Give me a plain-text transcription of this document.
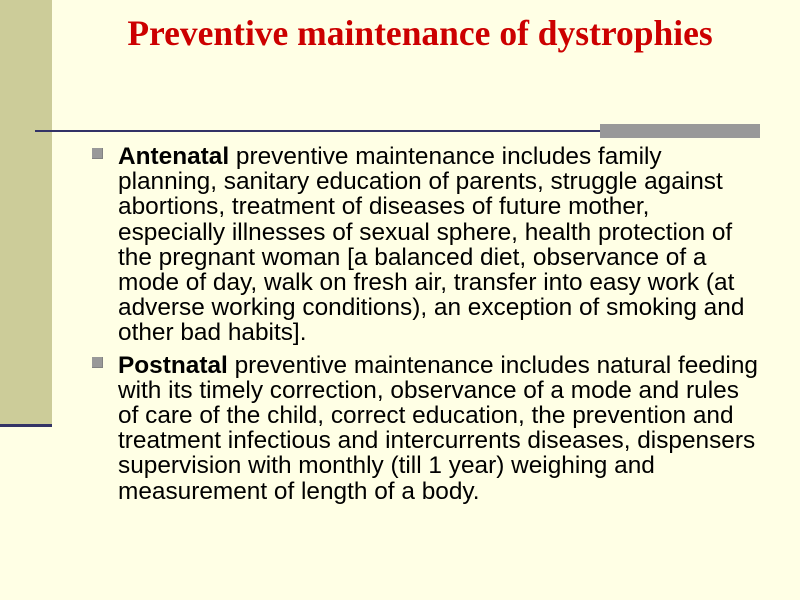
Preventive maintenance of dystrophies
Antenatal preventive maintenance includes family planning, sanitary education of parents, struggle against abortions, treatment of diseases of future mother, especially illnesses of sexual sphere, health protection of the pregnant woman [a balanced diet, observance of a mode of day, walk on fresh air, transfer into easy work (at adverse working conditions), an exception of smoking and other bad habits].
Postnatal preventive maintenance includes natural feeding with its timely correction, observance of a mode and rules of care of the child, correct education, the prevention and treatment infectious and intercurrents diseases, dispensers supervision with monthly (till 1 year) weighing and measurement of length of a body.
